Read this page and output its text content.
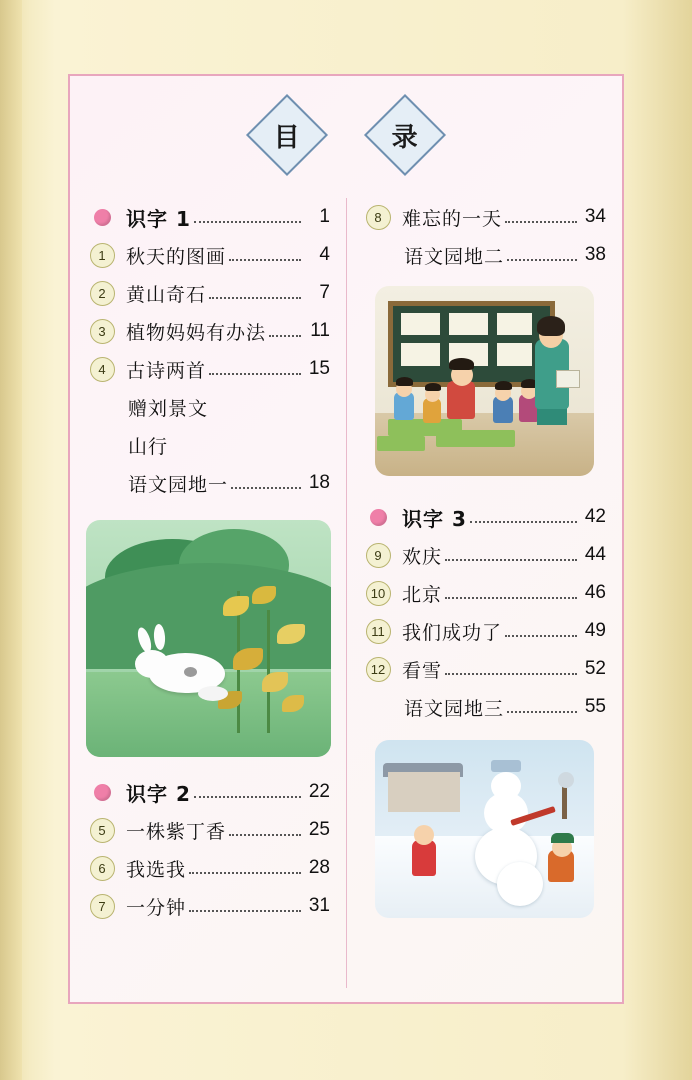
目	录
识字 1	1
1	秋天的图画	4
2	黄山奇石	7
3	植物妈妈有办法	11
4	古诗两首	15
赠刘景文
山行
语文园地一	18
识字 2	22
5	一株紫丁香	25
6	我选我	28
7	一分钟	31
8	难忘的一天	34
语文园地二	38
识字 3	42
9	欢庆	44
10 北京	46
11 我们成功了	49
12 看雪	52
语文园地三	55
